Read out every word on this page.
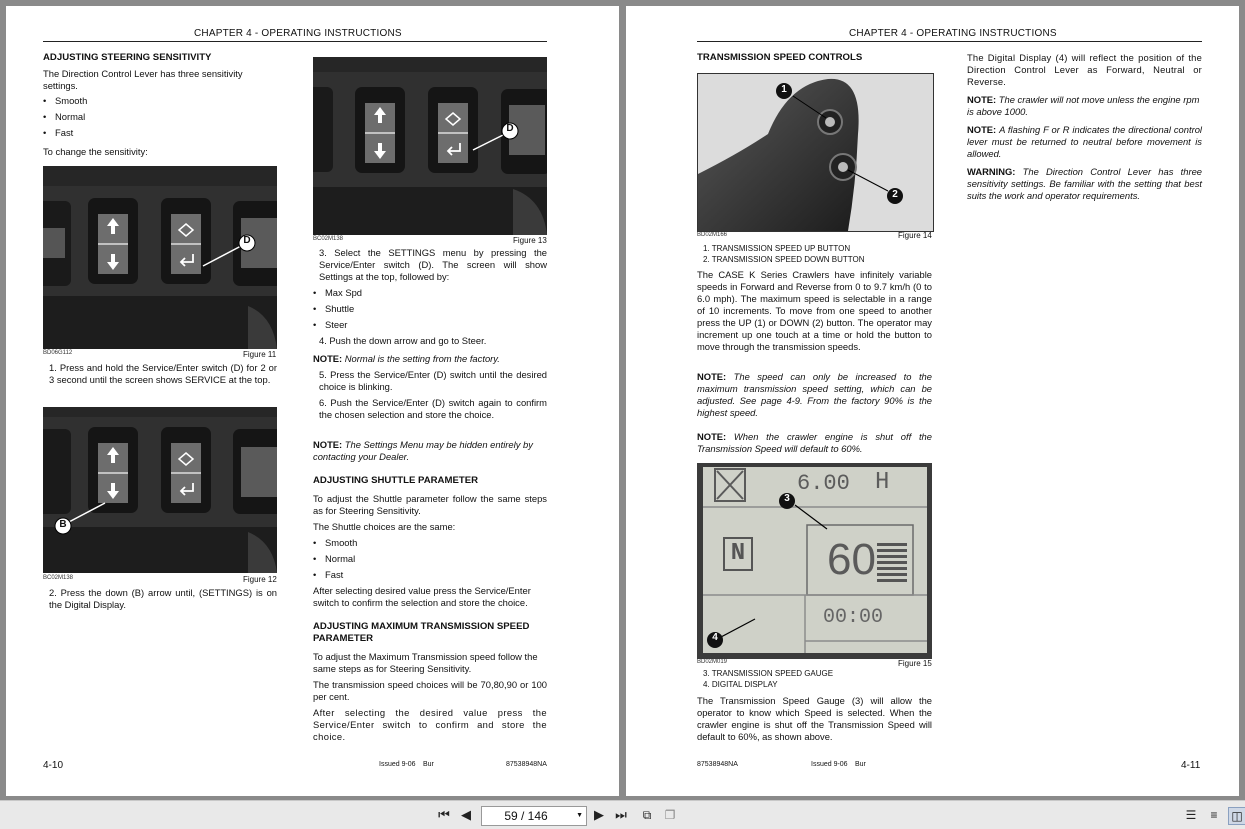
CHAPTER 4 - OPERATING INSTRUCTIONS
ADJUSTING STEERING SENSITIVITY
The Direction Control Lever has three sensitivity settings.
• Smooth
• Normal
• Fast
To change the sensitivity:
D
BD06G112	Figure 11
1. Press and hold the Service/Enter switch (D) for 2 or 3 second until the screen shows SERVICE at the top.
B
BC02M138	Figure 12
2. Press the down (B) arrow until, (SETTINGS) is on the Digital Display.
D
BC02M138	Figure 13
3. Select the SETTINGS menu by pressing the Service/Enter switch (D). The screen will show Settings at the top, followed by:
• Max Spd
• Shuttle
• Steer
4. Push the down arrow and go to Steer.
NOTE: Normal is the setting from the factory.
5. Press the Service/Enter (D) switch until the desired choice is blinking.
6. Push the Service/Enter (D) switch again to confirm the chosen selection and store the choice.
NOTE: The Settings Menu may be hidden entirely by contacting your Dealer.
ADJUSTING SHUTTLE PARAMETER
To adjust the Shuttle parameter follow the same steps as for Steering Sensitivity.
The Shuttle choices are the same:
• Smooth
• Normal
• Fast
After selecting desired value press the Service/Enter switch to confirm the selection and store the choice.
ADJUSTING MAXIMUM TRANSMISSION SPEED PARAMETER
To adjust the Maximum Transmission speed follow the same steps as for Steering Sensitivity.
The transmission speed choices will be 70,80,90 or 100 per cent.
After selecting the desired value press the Service/Enter switch to confirm and store the choice.
4-10	Issued 9-06 Bur	87538948NA
CHAPTER 4 - OPERATING INSTRUCTIONS
TRANSMISSION SPEED CONTROLS
1
2
BD02M166	Figure 14
1. TRANSMISSION SPEED UP BUTTON
2. TRANSMISSION SPEED DOWN BUTTON
The CASE K Series Crawlers have infinitely variable speeds in Forward and Reverse from 0 to 9.7 km/h (0 to 6.0 mph). The maximum speed is selectable in a range of 10 increments. To move from one speed to another press the UP (1) or DOWN (2) button. The operator may increment up one touch at a time or hold the button to move through the transmission speeds.
NOTE: The speed can only be increased to the maximum transmission speed setting, which can be adjusted. See page 4-9. From the factory 90% is the highest speed.
NOTE: When the crawler engine is shut off the Transmission Speed will default to 60%.
6.00 H
N 60
00:00
3
4
BD02M019	Figure 15
3. TRANSMISSION SPEED GAUGE
4. DIGITAL DISPLAY
The Transmission Speed Gauge (3) will allow the operator to know which Speed is selected. When the crawler engine is shut off the Transmission Speed will default to 60%, as shown above.
The Digital Display (4) will reflect the position of the Direction Control Lever as Forward, Neutral or Reverse.
NOTE: The crawler will not move unless the engine rpm is above 1000.
NOTE: A flashing F or R indicates the directional control lever must be returned to neutral before movement is allowed.
WARNING: The Direction Control Lever has three sensitivity settings. Be familiar with the setting that best suits the work and operator requirements.
87538948NA	Issued 9-06 Bur	4-11
⏮ ◀	59 / 146	▼ ▶ ⏭	⧉	❐	☰	≡	◫
